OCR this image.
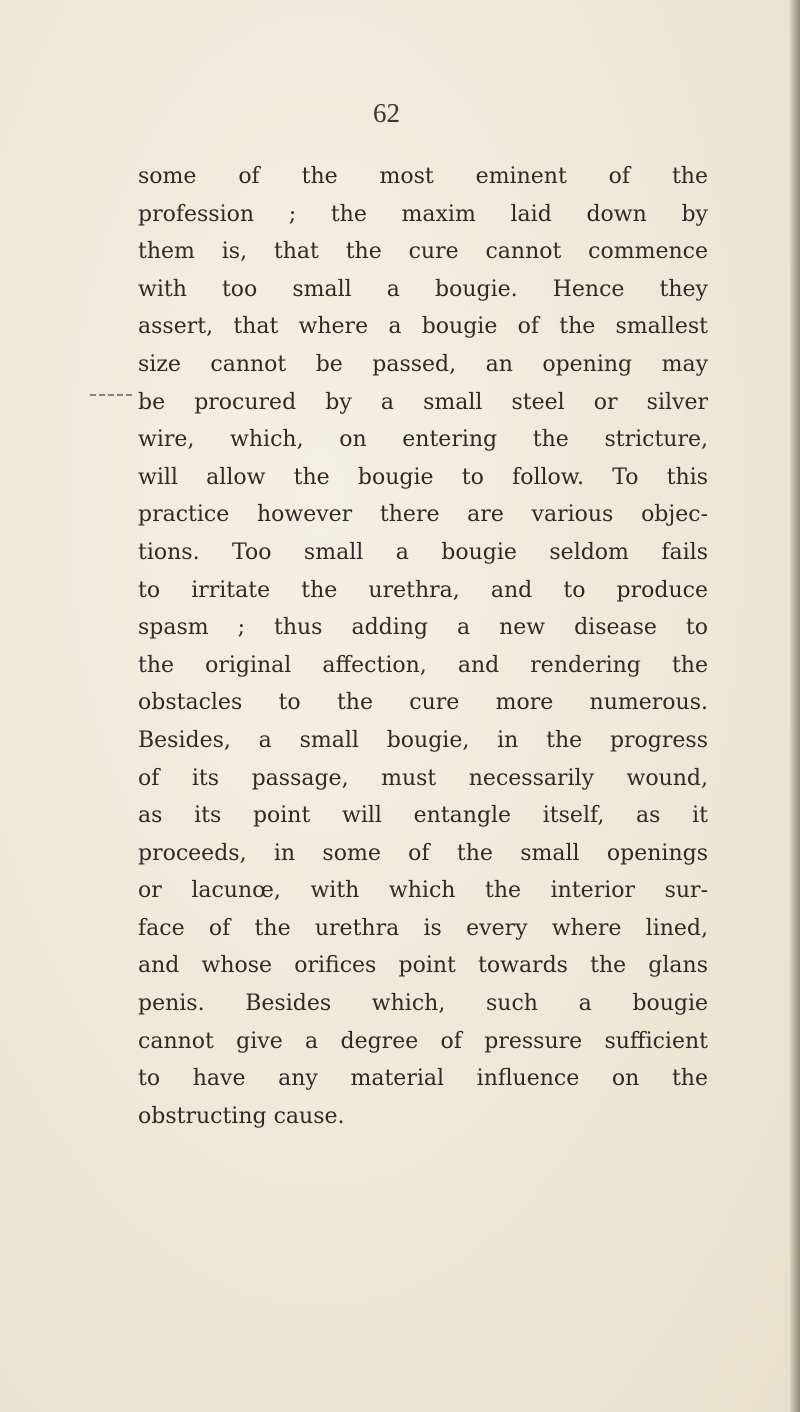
62
some of the most eminent of the
profession ; the maxim laid down by
them is, that the cure cannot commence
with too small a bougie. Hence they
assert, that where a bougie of the smallest
size cannot be passed, an opening may
be procured by a small steel or silver
wire, which, on entering the stricture,
will allow the bougie to follow. To this
practice however there are various objec-
tions. Too small a bougie seldom fails
to irritate the urethra, and to produce
spasm ; thus adding a new disease to
the original affection, and rendering the
obstacles to the cure more numerous.
Besides, a small bougie, in the progress
of its passage, must necessarily wound,
as its point will entangle itself, as it
proceeds, in some of the small openings
or lacunœ, with which the interior sur-
face of the urethra is every where lined,
and whose orifices point towards the glans
penis. Besides which, such a bougie
cannot give a degree of pressure sufficient
to have any material influence on the
obstructing cause.
